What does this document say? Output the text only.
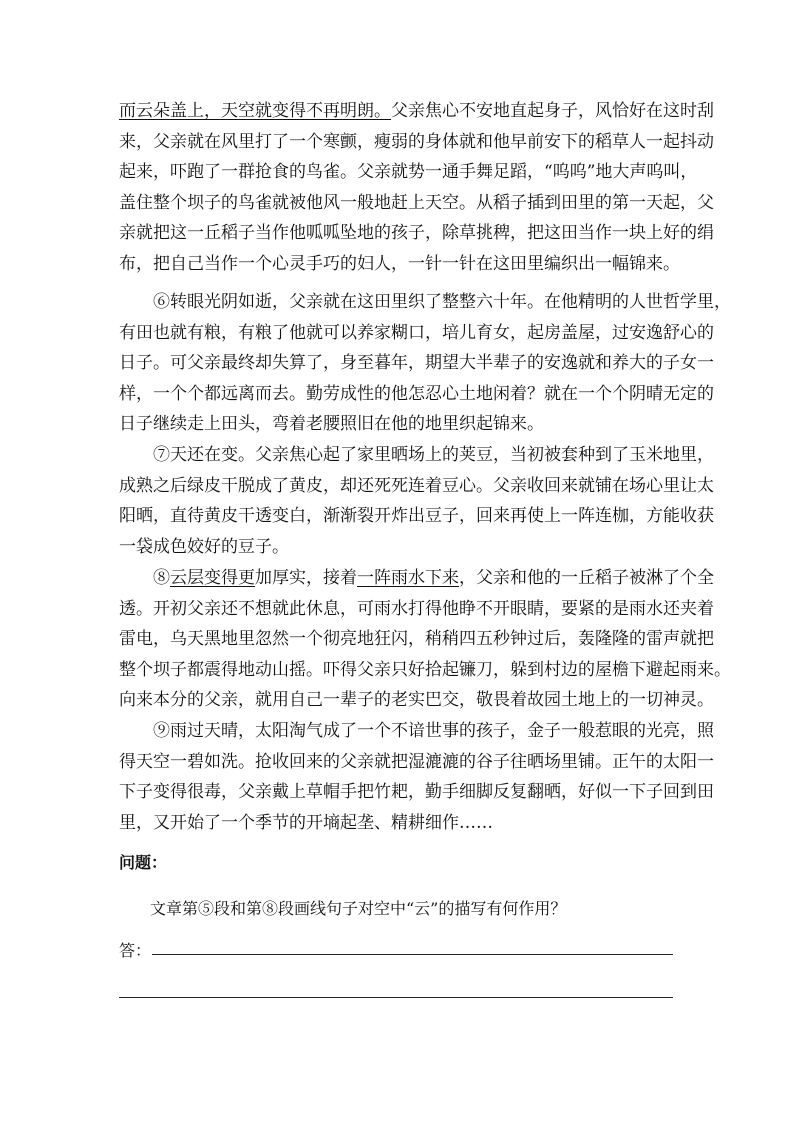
而云朵盖上，天空就变得不再明朗。父亲焦心不安地直起身子，风恰好在这时刮
来，父亲就在风里打了一个寒颤，瘦弱的身体就和他早前安下的稻草人一起抖动
起来，吓跑了一群抢食的鸟雀。父亲就势一通手舞足蹈，“呜呜”地大声呜叫，
盖住整个坝子的鸟雀就被他风一般地赶上天空。从稻子插到田里的第一天起，父
亲就把这一丘稻子当作他呱呱坠地的孩子，除草挑稗，把这田当作一块上好的绢
布，把自己当作一个心灵手巧的妇人，一针一针在这田里编织出一幅锦来。

⑥转眼光阴如逝，父亲就在这田里织了整整六十年。在他精明的人世哲学里，
有田也就有粮，有粮了他就可以养家糊口，培儿育女，起房盖屋，过安逸舒心的
日子。可父亲最终却失算了，身至暮年，期望大半辈子的安逸就和养大的子女一
样，一个个都远离而去。勤劳成性的他怎忍心土地闲着？就在一个个阴晴无定的
日子继续走上田头，弯着老腰照旧在他的地里织起锦来。

⑦天还在变。父亲焦心起了家里晒场上的荚豆，当初被套种到了玉米地里，
成熟之后绿皮干脱成了黄皮，却还死死连着豆心。父亲收回来就铺在场心里让太
阳晒，直待黄皮干透变白，渐渐裂开炸出豆子，回来再使上一阵连枷，方能收获
一袋成色姣好的豆子。

⑧云层变得更加厚实，接着一阵雨水下来，父亲和他的一丘稻子被淋了个全
透。开初父亲还不想就此休息，可雨水打得他睁不开眼睛，要紧的是雨水还夹着
雷电，乌天黑地里忽然一个彻亮地狂闪，稍稍四五秒钟过后，轰隆隆的雷声就把
整个坝子都震得地动山摇。吓得父亲只好拾起镰刀，躲到村边的屋檐下避起雨来。
向来本分的父亲，就用自己一辈子的老实巴交，敬畏着故园土地上的一切神灵。

⑨雨过天晴，太阳淘气成了一个不谙世事的孩子，金子一般惹眼的光亮，照
得天空一碧如洗。抢收回来的父亲就把湿漉漉的谷子往晒场里铺。正午的太阳一
下子变得很毒，父亲戴上草帽手把竹耙，勤手细脚反复翻晒，好似一下子回到田
里，又开始了一个季节的开墒起垄、精耕细作……

问题：
文章第⑤段和第⑧段画线句子对空中“云”的描写有何作用？
答：
